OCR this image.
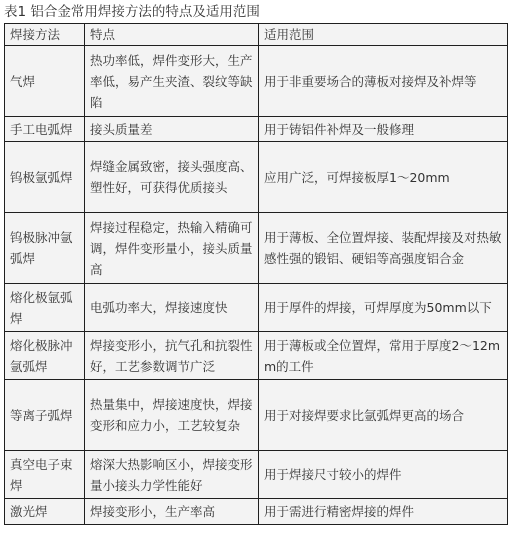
表1 铝合金常用焊接方法的特点及适用范围
焊接方法	特点	适用范围
气焊	热功率低，焊件变形大，生产率低，易产生夹渣、裂纹等缺陷	用于非重要场合的薄板对接焊及补焊等
手工电弧焊	接头质量差	用于铸铝件补焊及一般修理
钨极氩弧焊	焊缝金属致密，接头强度高、塑性好，可获得优质接头	应用广泛，可焊接板厚1～20mm
钨极脉冲氩弧焊	焊接过程稳定，热输入精确可调，焊件变形量小，接头质量高	用于薄板、全位置焊接、装配焊接及对热敏感性强的锻铝、硬铝等高强度铝合金
熔化极氩弧焊	电弧功率大，焊接速度快	用于厚件的焊接，可焊厚度为50mm以下
熔化极脉冲氩弧焊	焊接变形小，抗气孔和抗裂性好，工艺参数调节广泛	用于薄板或全位置焊，常用于厚度2～12mm的工件
等离子弧焊	热量集中，焊接速度快，焊接变形和应力小，工艺较复杂	用于对接焊要求比氩弧焊更高的场合
真空电子束焊	熔深大热影响区小，焊接变形量小接头力学性能好	用于焊接尺寸较小的焊件
激光焊	焊接变形小，生产率高	用于需进行精密焊接的焊件
